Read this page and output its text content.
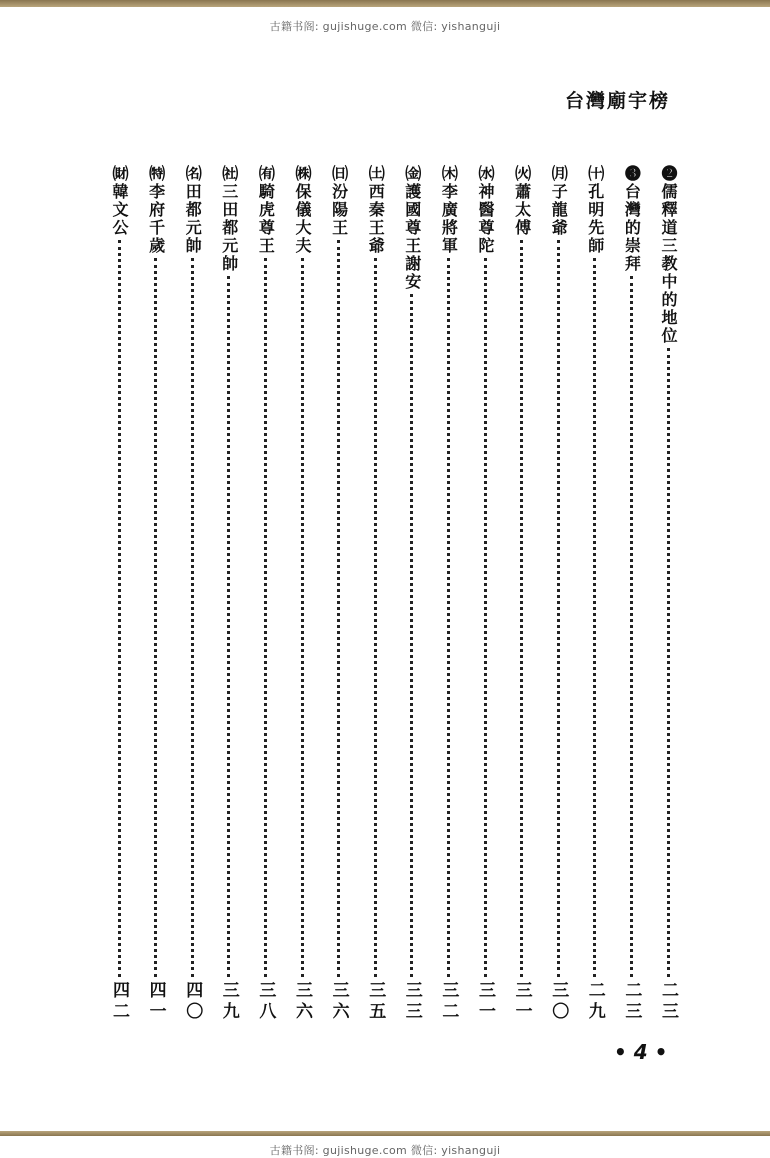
古籍书阁: gujishuge.com 微信: yishanguji
台灣廟宇榜
❷儒釋道三教中的地位
二三
❸台灣的崇拜
二三
㈩孔明先師
二九
㈪子龍爺
三〇
㈫蕭太傅
三一
㈬神醫尊陀
三一
㈭李廣將軍
三二
㈮護國尊王謝安
三三
㈯西秦王爺
三五
㈰汾陽王
三六
㈱保儀大夫
三六
㈲騎虎尊王
三八
㈳三田都元帥
三九
㈴田都元帥
四〇
㈵李府千歲
四一
㈶韓文公
四二
• 4 •
古籍书阁: gujishuge.com 微信: yishanguji
